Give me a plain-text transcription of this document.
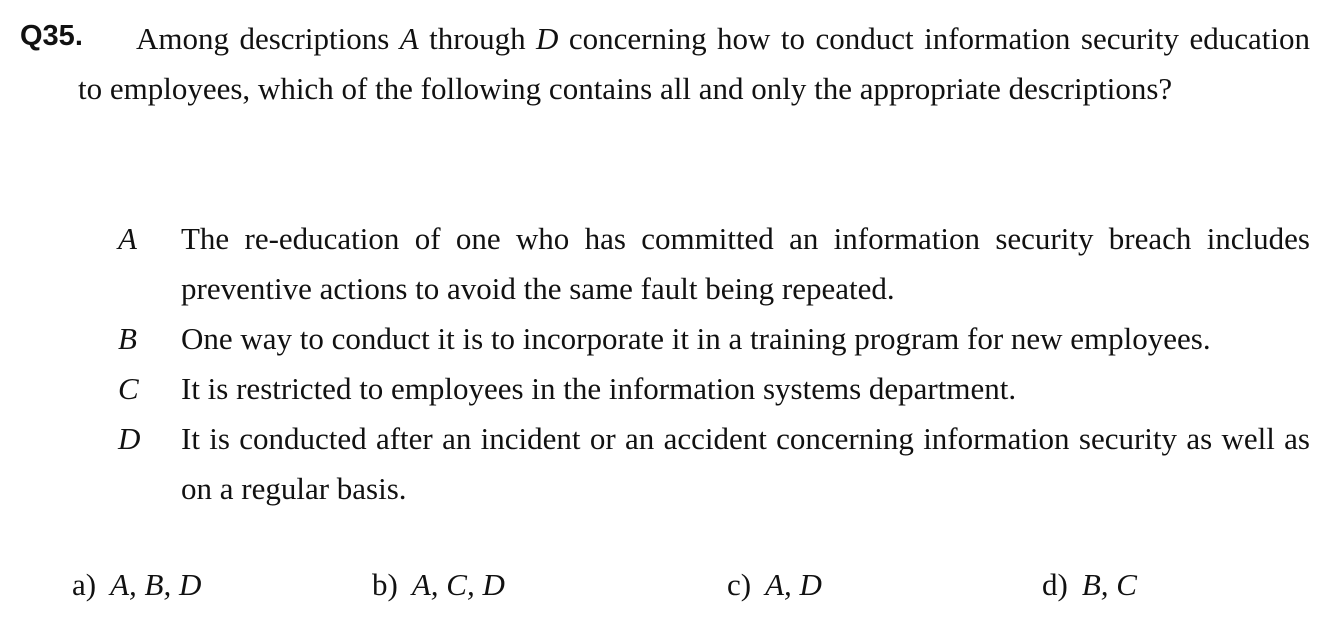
Q35.	Among descriptions A through D concerning how to conduct information security education to employees, which of the following contains all and only the appropriate descriptions?
A	The re-education of one who has committed an information security breach includes preventive actions to avoid the same fault being repeated.
B	One way to conduct it is to incorporate it in a training program for new employees.
C	It is restricted to employees in the information systems department.
D	It is conducted after an incident or an accident concerning information security as well as on a regular basis.
a) A, B, D	b) A, C, D	c) A, D	d) B, C
